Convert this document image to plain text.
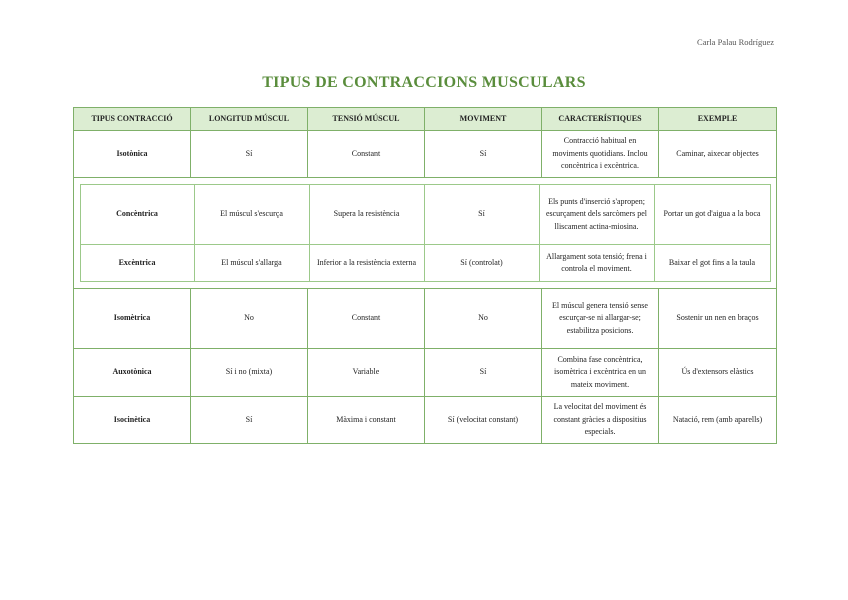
Carla Palau Rodríguez
TIPUS DE CONTRACCIONS MUSCULARS
TIPUS CONTRACCIÓ	LONGITUD MÚSCUL	TENSIÓ MÚSCUL	MOVIMENT	CARACTERÍSTIQUES	EXEMPLE
Isotònica	Sí	Constant	Sí	Contracció habitual en moviments quotidians. Inclou concèntrica i excèntrica.	Caminar, aixecar objectes

Concèntrica	El múscul s'escurça	Supera la resistència	Sí	Els punts d'inserció s'apropen; escurçament dels sarcòmers pel lliscament actina-miosina.	Portar un got d'aigua a la boca
Excèntrica	El múscul s'allarga	Inferior a la resistència externa	Sí (controlat)	Allargament sota tensió; frena i controla el moviment.	Baixar el got fins a la taula

Isomètrica	No	Constant	No	El múscul genera tensió sense escurçar-se ni allargar-se; estabilitza posicions.	Sostenir un nen en braços
Auxotònica	Sí i no (mixta)	Variable	Sí	Combina fase concèntrica, isomètrica i excèntrica en un mateix moviment.	Ús d'extensors elàstics
Isocinètica	Sí	Màxima i constant	Sí (velocitat constant)	La velocitat del moviment és constant gràcies a dispositius especials.	Natació, rem (amb aparells)
